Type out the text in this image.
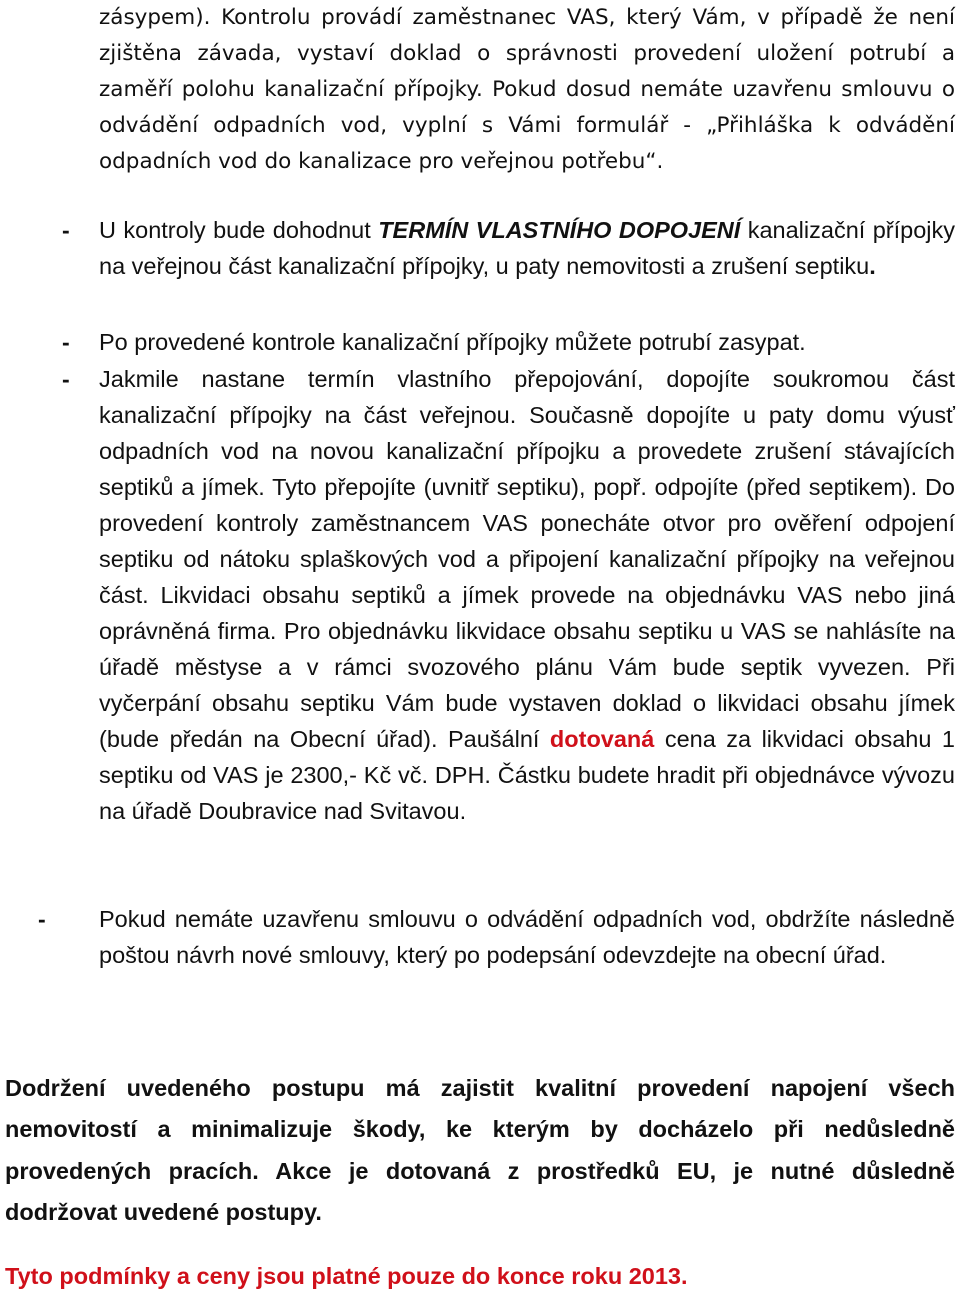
zásypem). Kontrolu provádí zaměstnanec VAS, který Vám, v případě že není zjištěna závada, vystaví doklad o správnosti provedení uložení potrubí a zaměří polohu kanalizační přípojky. Pokud dosud nemáte uzavřenu smlouvu o odvádění odpadních vod, vyplní s Vámi formulář - „Přihláška k odvádění odpadních vod do kanalizace pro veřejnou potřebu“.
- U kontroly bude dohodnut TERMÍN VLASTNÍHO DOPOJENÍ kanalizační přípojky na veřejnou část kanalizační přípojky, u paty nemovitosti a zrušení septiku.
- Po provedené kontrole kanalizační přípojky můžete potrubí zasypat.
- Jakmile nastane termín vlastního přepojování, dopojíte soukromou část kanalizační přípojky na část veřejnou. Současně dopojíte u paty domu výusť odpadních vod na novou kanalizační přípojku a provedete zrušení stávajících septiků a jímek. Tyto přepojíte (uvnitř septiku), popř. odpojíte (před septikem). Do provedení kontroly zaměstnancem VAS ponecháte otvor pro ověření odpojení septiku od nátoku splaškových vod a připojení kanalizační přípojky na veřejnou část. Likvidaci obsahu septiků a jímek provede na objednávku VAS nebo jiná oprávněná firma. Pro objednávku likvidace obsahu septiku u VAS se nahlásíte na úřadě městyse a v rámci svozového plánu Vám bude septik vyvezen. Při vyčerpání obsahu septiku Vám bude vystaven doklad o likvidaci obsahu jímek (bude předán na Obecní úřad). Paušální dotovaná cena za likvidaci obsahu 1 septiku od VAS je 2300,- Kč vč. DPH. Částku budete hradit při objednávce vývozu na úřadě Doubravice nad Svitavou.
- Pokud nemáte uzavřenu smlouvu o odvádění odpadních vod, obdržíte následně poštou návrh nové smlouvy, který po podepsání odevzdejte na obecní úřad.
Dodržení uvedeného postupu má zajistit kvalitní provedení napojení všech nemovitostí a minimalizuje škody, ke kterým by docházelo při nedůsledně provedených pracích. Akce je dotovaná z prostředků EU, je nutné důsledně dodržovat uvedené postupy.
Tyto podmínky a ceny jsou platné pouze do konce roku 2013.
